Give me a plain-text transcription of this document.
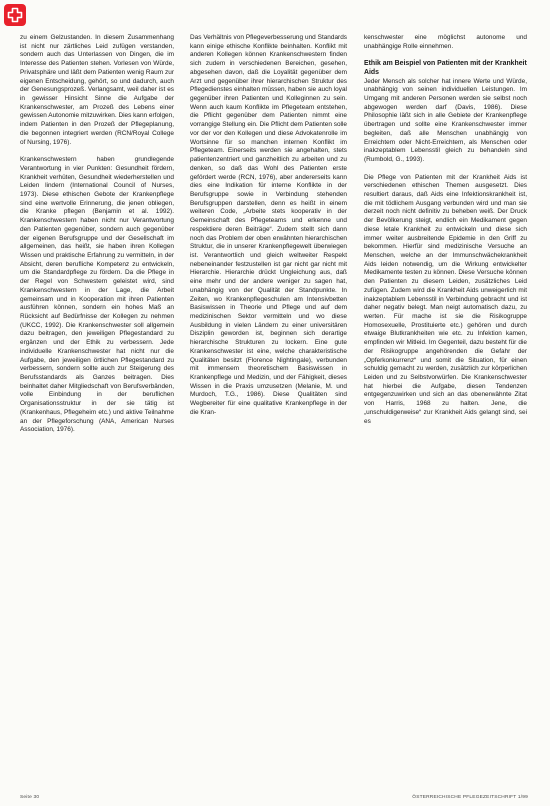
zu einem Gelzustanden. In diesem Zusammenhang ist nicht nur zärtliches Leid zufügen verstanden, sondern auch das Unterlassen von Dingen, die im Interesse des Patienten stehen. Vorlesen von Würde, Privatsphäre und läßt dem Patienten wenig Raum zur eigenen Entscheidung, gehört, so und dadurch, auch der Genesungsprozeß. Verlangsamt, weil daher ist es in gewisser Hinsicht Sinne die Aufgabe der Krankenschwester, am Prozeß des Lebens einer gewissen Autonomie mitzuwirken. Dies kann erfolgen, indem Patienten in den Prozeß der Pflegeplanung, die begonnen integriert werden (RCN/Royal College of Nursing, 1976).

Krankenschwestern haben grundlegende Verantwortung in vier Punkten: Gesundheit fördern, Krankheit verhüten, Gesundheit wiederherstellen und Leiden lindern (International Council of Nurses, 1973). Diese ethischen Gebote der Krankenpflege sind eine wertvolle Erinnerung, die jenen obliegen, die Kranke pflegen (Benjamin et al. 1992). Krankenschwestern haben nicht nur Verantwortung den Patienten gegenüber, sondern auch gegenüber der eigenen Berufsgruppe und der Gesellschaft im allgemeinen, das heißt, sie haben ihren Kollegen Wissen und praktische Erfahrung zu vermitteln, in der Absicht, deren berufliche Kompetenz zu entwickeln, um die Standardpflege zu fördern. Da die Pflege in der Regel von Schwestern geleistet wird, sind Krankenschwestern in der Lage, die Arbeit gemeinsam und in Kooperation mit ihren Patienten ausführen können, sondern ein hohes Maß an Rücksicht auf Bedürfnisse der Kollegen zu nehmen (UKCC, 1992). Die Krankenschwester soll allgemein dazu beitragen, den jeweiligen Pflegestandard zu ergänzen und der Ethik zu verbessern. Jede individuelle Krankenschwester hat nicht nur die Aufgabe, den jeweiligen örtlichen Pflegestandard zu verbessern, sondern sollte auch zur Steigerung des Berufsstandards als Ganzes beitragen. Dies beinhaltet daher Mitgliedschaft von Berufsverbänden, volle Einbindung in der beruflichen Organisationsstruktur in der sie tätig ist (Krankenhaus, Pflegeheim etc.) und aktive Teilnahme an der Pflegeforschung (ANA, American Nurses Association, 1976).

Das Verhältnis von Pflegeverbesserung und Standards kann einige ethische Konflikte beinhalten. Konflikt mit anderen Kollegen können Krankenschwestern finden sich zudem in verschiedenen Bereichen, gesehen, abgesehen davon, daß die Loyalität gegenüber dem Arzt und gegenüber ihrer hierarchischen Struktur des Pflegedienstes einhalten müssen, haben sie auch loyal gegenüber ihren Patienten und Kolleginnen zu sein. Wenn auch kaum Konflikte im Pflegeteam entstehen, die Pflicht gegenüber dem Patienten nimmt eine vorrangige Stellung ein. Die Pflicht dem Patienten solle vor der vor den Kollegen und diese Advokatenrolle im Wortsinne für so manchen internen Konflikt im Pflegeteam. Einerseits werden sie angehalten, stets patientenzentriert und ganzheitlich zu arbeiten und zu denken, so daß das Wohl des Patienten erste gefördert werde (RCN, 1976), aber andererseits kann dies eine Indikation für interne Konflikte in der Berufsgruppe sowie in Verbindung stehenden Berufsgruppen darstellen, denn es heißt in einem weiteren Code, „Arbeite stets kooperativ in der Gemeinschaft des Pflegeteams und erkenne und respektiere deren Beiträge“. Zudem stellt sich dann noch das Problem der oben erwähnten hierarchischen Struktur, die in unserer Krankenpflegewelt überwiegen ist. Verantwortlich und gleich weltweiter Respekt nebeneinander festzustellen ist gar nicht gar nicht mit Hierarchie. Hierarchie drückt Ungleichung aus, daß eine mehr und der andere weniger zu sagen hat, unabhängig von der Qualität der Standpunkte. In Zeiten, wo Krankenpflegeschulen am Intensivbetten Basiswissen in Theorie und Pflege und auf dem medizinischen Sektor vermitteln und wo diese Ausbildung in vielen Ländern zu einer universitären Disziplin geworden ist, beginnen sich derartige hierarchische Strukturen zu lockern. Eine gute Krankenschwester ist eine, welche charakteristische Qualitäten besitzt (Florence Nightingale), verbunden mit immensem theoretischem Basiswissen in Krankenpflege und Medizin, und der Fähigkeit, dieses Wissen in die Praxis umzusetzen (Melanie, M. und Murdoch, T.G., 1986). Diese Qualitäten sind Wegbereiter für eine qualitative Krankenpflege in der die Kran-

kenschwester eine möglichst autonome und unabhängige Rolle einnehmen.

Ethik am Beispiel von Patienten mit der Krankheit Aids

Jeder Mensch als solcher hat innere Werte und Würde, unabhängig von seinen individuellen Leistungen. Im Umgang mit anderen Personen werden sie selbst noch abgewogen werden darf (Davis, 1986). Diese Philosophie läßt sich in alle Gebiete der Krankenpflege übertragen und sollte eine Krankenschwester immer begleiten, daß alle Menschen unabhängig von Erreichtem oder Nicht-Erreichtem, als Menschen oder inakzeptablem Lebensstil gleich zu behandeln sind (Rumbold, G., 1993).

Die Pflege von Patienten mit der Krankheit Aids ist verschiedenen ethischen Themen ausgesetzt. Dies resultiert daraus, daß Aids eine Infektionskrankheit ist, die mit tödlichem Ausgang verbunden wird und man sie derzeit noch nicht definitiv zu beheben weiß. Der Druck der Bevölkerung steigt, endlich ein Medikament gegen diese letale Krankheit zu entwickeln und diese sich immer weiter ausbreitende Epidemie in den Griff zu bekommen. Hierfür sind medizinische Versuche an Menschen, welche an der Immunschwächekrankheit Aids leiden notwendig, um die Wirkung entwickelter Medikamente testen zu können. Diese Versuche können den Patienten zu diesem Leiden, zusätzliches Leid zufügen. Zudem wird die Krankheit Aids unweigerlich mit inakzeptablem Lebensstil in Verbindung gebracht und ist daher negativ belegt. Man neigt automatisch dazu, zu werten. Für mache ist sie die Risikogruppe Homosexuelle, Prostituierte etc.) gehören und durch etwaige Blutkrankheiten wie etc. zu Infektion kamen, empfinden wir Mitleid. Im Gegenteil, dazu besteht für die der Risikogruppe angehörenden die Gefahr der „Opferkonkurrenz“ und somit die Situation, für einen schuldig gemacht zu werden, zusätzlich zur körperlichen Leiden und zu Selbstvorwürfen. Die Krankenschwester hat hierbei die Aufgabe, diesen Tendenzen entgegenzuwirken und sich an das obenerwähnte Zitat von Harris, 1968 zu halten. Jene, die „unschuldigerweise“ zur Krankheit Aids gelangt sind, sei es

Seite 30	ÖSTERREICHISCHE PFLEGEZEITSCHRIFT 1/99
